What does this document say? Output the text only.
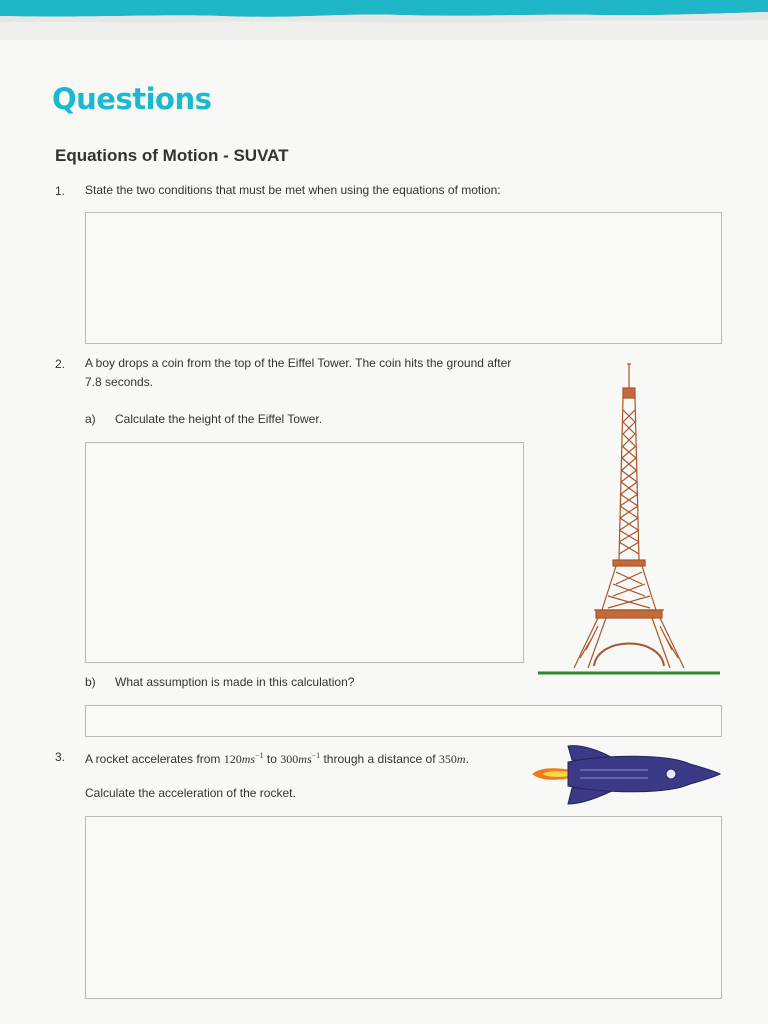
Questions
Equations of Motion - SUVAT
1. State the two conditions that must be met when using the equations of motion:
2. A boy drops a coin from the top of the Eiffel Tower. The coin hits the ground after
7.8 seconds.
a) Calculate the height of the Eiffel Tower.
b) What assumption is made in this calculation?
3. A rocket accelerates from $120ms^{-1}$ to $300ms^{-1}$ through a distance of 350m.
Calculate the acceleration of the rocket.
